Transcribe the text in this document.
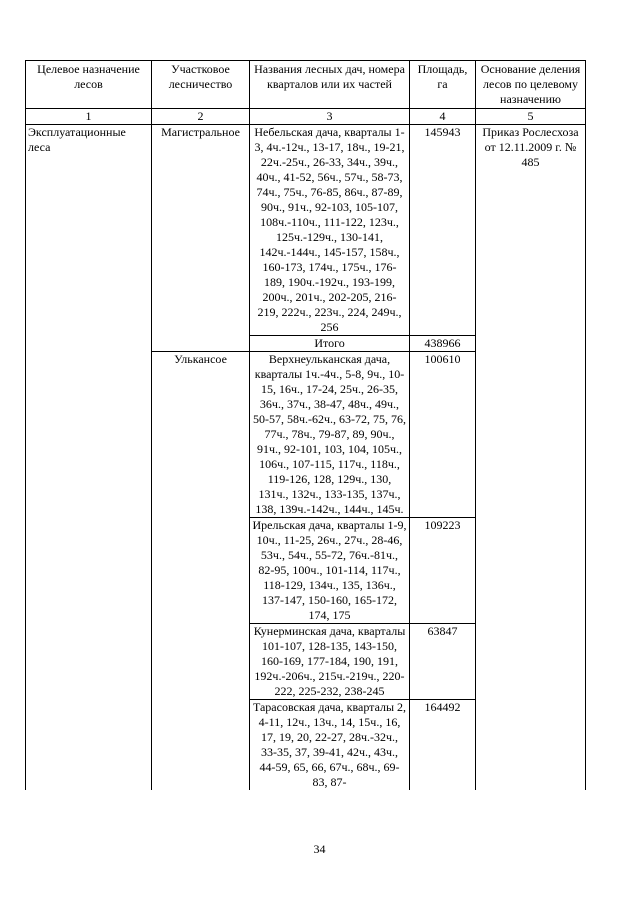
Целевое назначение лесов	Участковое лесничество	Названия лесных дач, номера кварталов или их частей	Площадь, га	Основание деления лесов по целевому назначению
1	2	3	4	5
Эксплуатационные леса	Магистральное	Небельская дача, кварталы 1-3, 4ч.-12ч., 13-17, 18ч., 19-21, 22ч.-25ч., 26-33, 34ч., 39ч., 40ч., 41-52, 56ч., 57ч., 58-73, 74ч., 75ч., 76-85, 86ч., 87-89, 90ч., 91ч., 92-103, 105-107, 108ч.-110ч., 111-122, 123ч., 125ч.-129ч., 130-141, 142ч.-144ч., 145-157, 158ч., 160-173, 174ч., 175ч., 176-189, 190ч.-192ч., 193-199, 200ч., 201ч., 202-205, 216-219, 222ч., 223ч., 224, 249ч., 256	145943	Приказ Рослесхоза от 12.11.2009 г. № 485
		Итого	438966	
	Улькансое	Верхнеульканская дача, кварталы 1ч.-4ч., 5-8, 9ч., 10-15, 16ч., 17-24, 25ч., 26-35, 36ч., 37ч., 38-47, 48ч., 49ч., 50-57, 58ч.-62ч., 63-72, 75, 76, 77ч., 78ч., 79-87, 89, 90ч., 91ч., 92-101, 103, 104, 105ч., 106ч., 107-115, 117ч., 118ч., 119-126, 128, 129ч., 130, 131ч., 132ч., 133-135, 137ч., 138, 139ч.-142ч., 144ч., 145ч.	100610	
		Ирельская дача, кварталы 1-9, 10ч., 11-25, 26ч., 27ч., 28-46, 53ч., 54ч., 55-72, 76ч.-81ч., 82-95, 100ч., 101-114, 117ч., 118-129, 134ч., 135, 136ч., 137-147, 150-160, 165-172, 174, 175	109223	
		Кунерминская дача, кварталы 101-107, 128-135, 143-150, 160-169, 177-184, 190, 191, 192ч.-206ч., 215ч.-219ч., 220-222, 225-232, 238-245	63847	
		Тарасовская дача, кварталы 2, 4-11, 12ч., 13ч., 14, 15ч., 16, 17, 19, 20, 22-27, 28ч.-32ч., 33-35, 37, 39-41, 42ч., 43ч., 44-59, 65, 66, 67ч., 68ч., 69-83, 87-	164492	
34
